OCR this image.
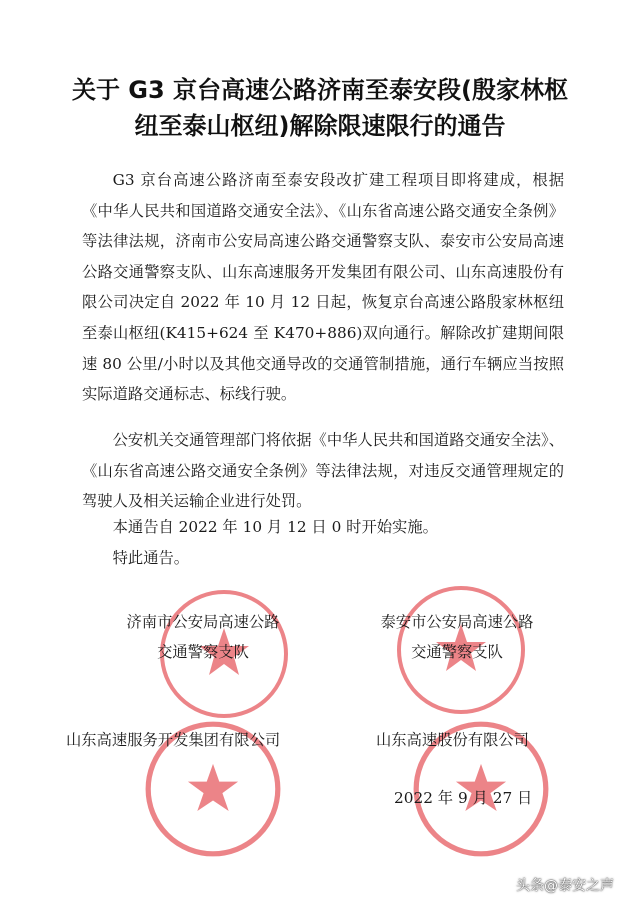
关于 G3 京台高速公路济南至泰安段(殷家林枢
纽至泰山枢纽)解除限速限行的通告

G3 京台高速公路济南至泰安段改扩建工程项目即将建成，根据《中华人民共和国道路交通安全法》、《山东省高速公路交通安全条例》等法律法规，济南市公安局高速公路交通警察支队、泰安市公安局高速公路交通警察支队、山东高速服务开发集团有限公司、山东高速股份有限公司决定自 2022 年 10 月 12 日起，恢复京台高速公路殷家林枢纽至泰山枢纽(K415+624 至 K470+886)双向通行。解除改扩建期间限速 80 公里/小时以及其他交通导改的交通管制措施，通行车辆应当按照实际道路交通标志、标线行驶。

公安机关交通管理部门将依据《中华人民共和国道路交通安全法》、《山东省高速公路交通安全条例》等法律法规，对违反交通管理规定的驾驶人及相关运输企业进行处罚。

本通告自 2022 年 10 月 12 日 0 时开始实施。

特此通告。

济南市公安局高速公路
交通警察支队
泰安市公安局高速公路
交通警察支队
山东高速服务开发集团有限公司	山东高速股份有限公司
2022 年 9 月 27 日
头条@泰安之声
